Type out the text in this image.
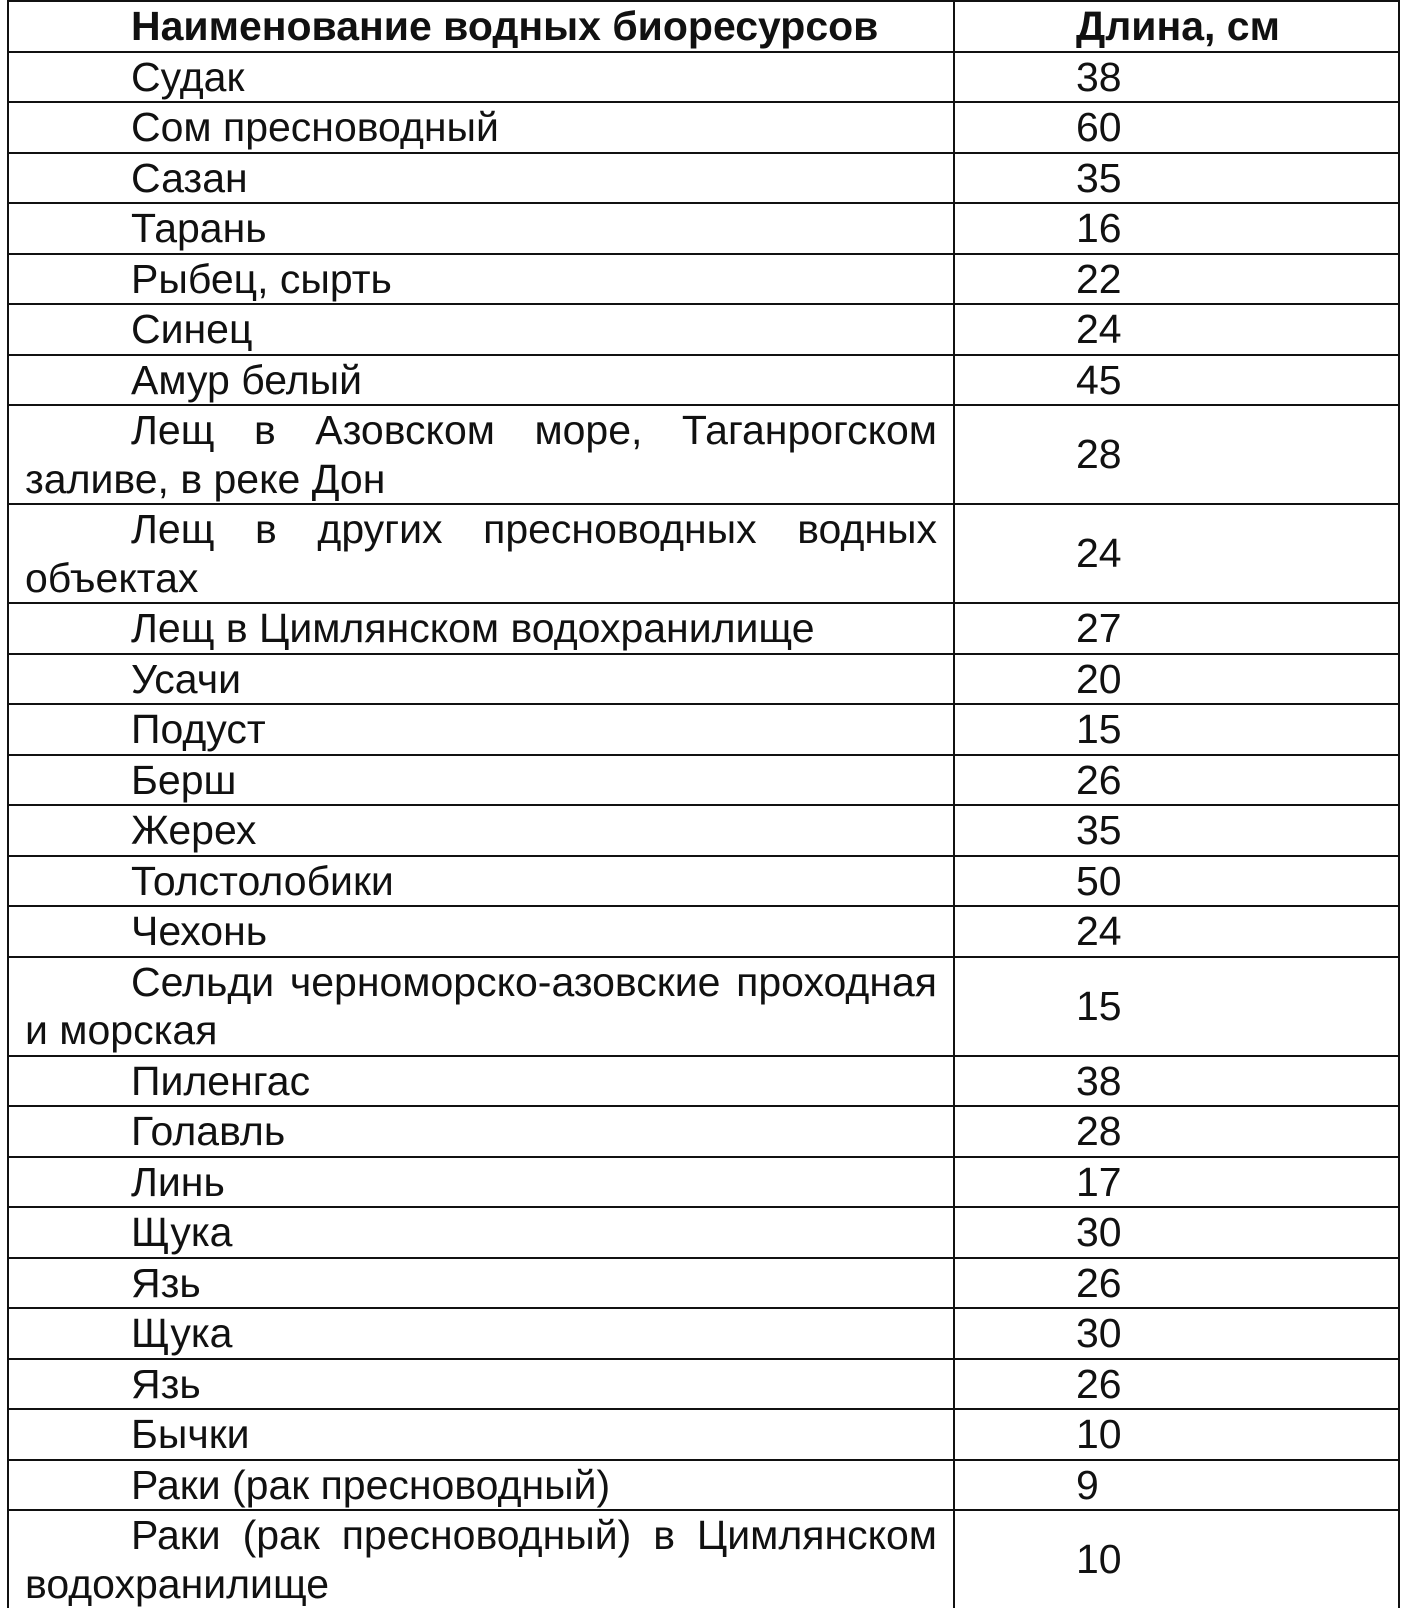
Наименование водных биоресурсов	Длина, см

Судак	38

Сом пресноводный	60

Сазан	35

Тарань	16

Рыбец, сырть	22

Синец	24

Амур белый	45

Лещ в Азовском море, Таганрогском заливе, в реке Дон	28

Лещ в других пресноводных водных объектах	24

Лещ в Цимлянском водохранилище	27

Усачи	20

Подуст	15

Берш	26

Жерех	35

Толстолобики	50

Чехонь	24

Сельди черноморско-азовские проходная и морская	15

Пиленгас	38

Голавль	28

Линь	17

Щука	30

Язь	26

Щука	30

Язь	26

Бычки	10

Раки (рак пресноводный)	9

Раки (рак пресноводный) в Цимлянском водохранилище	10
